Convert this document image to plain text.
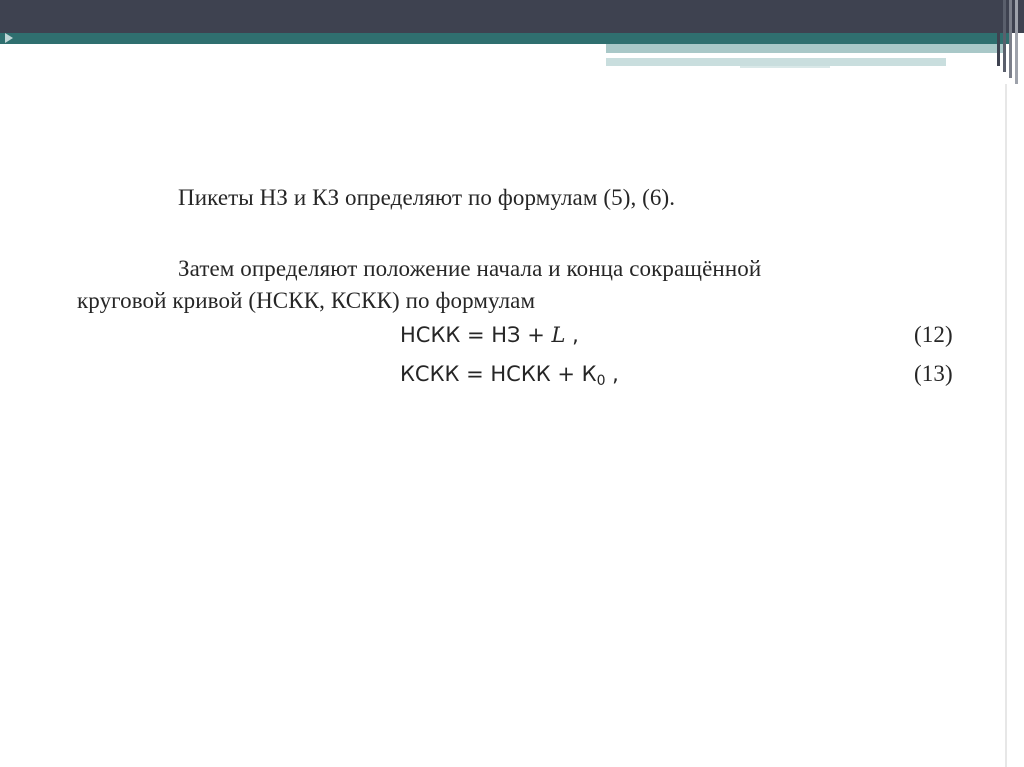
Пикеты НЗ и КЗ определяют по формулам (5), (6).
Затем определяют положение начала и конца сокращённой
круговой кривой (НСКК, КСКК) по формулам
НСКК = НЗ + L ,	(12)
КСКК = НСКК + $К_0$ ,	(13)
